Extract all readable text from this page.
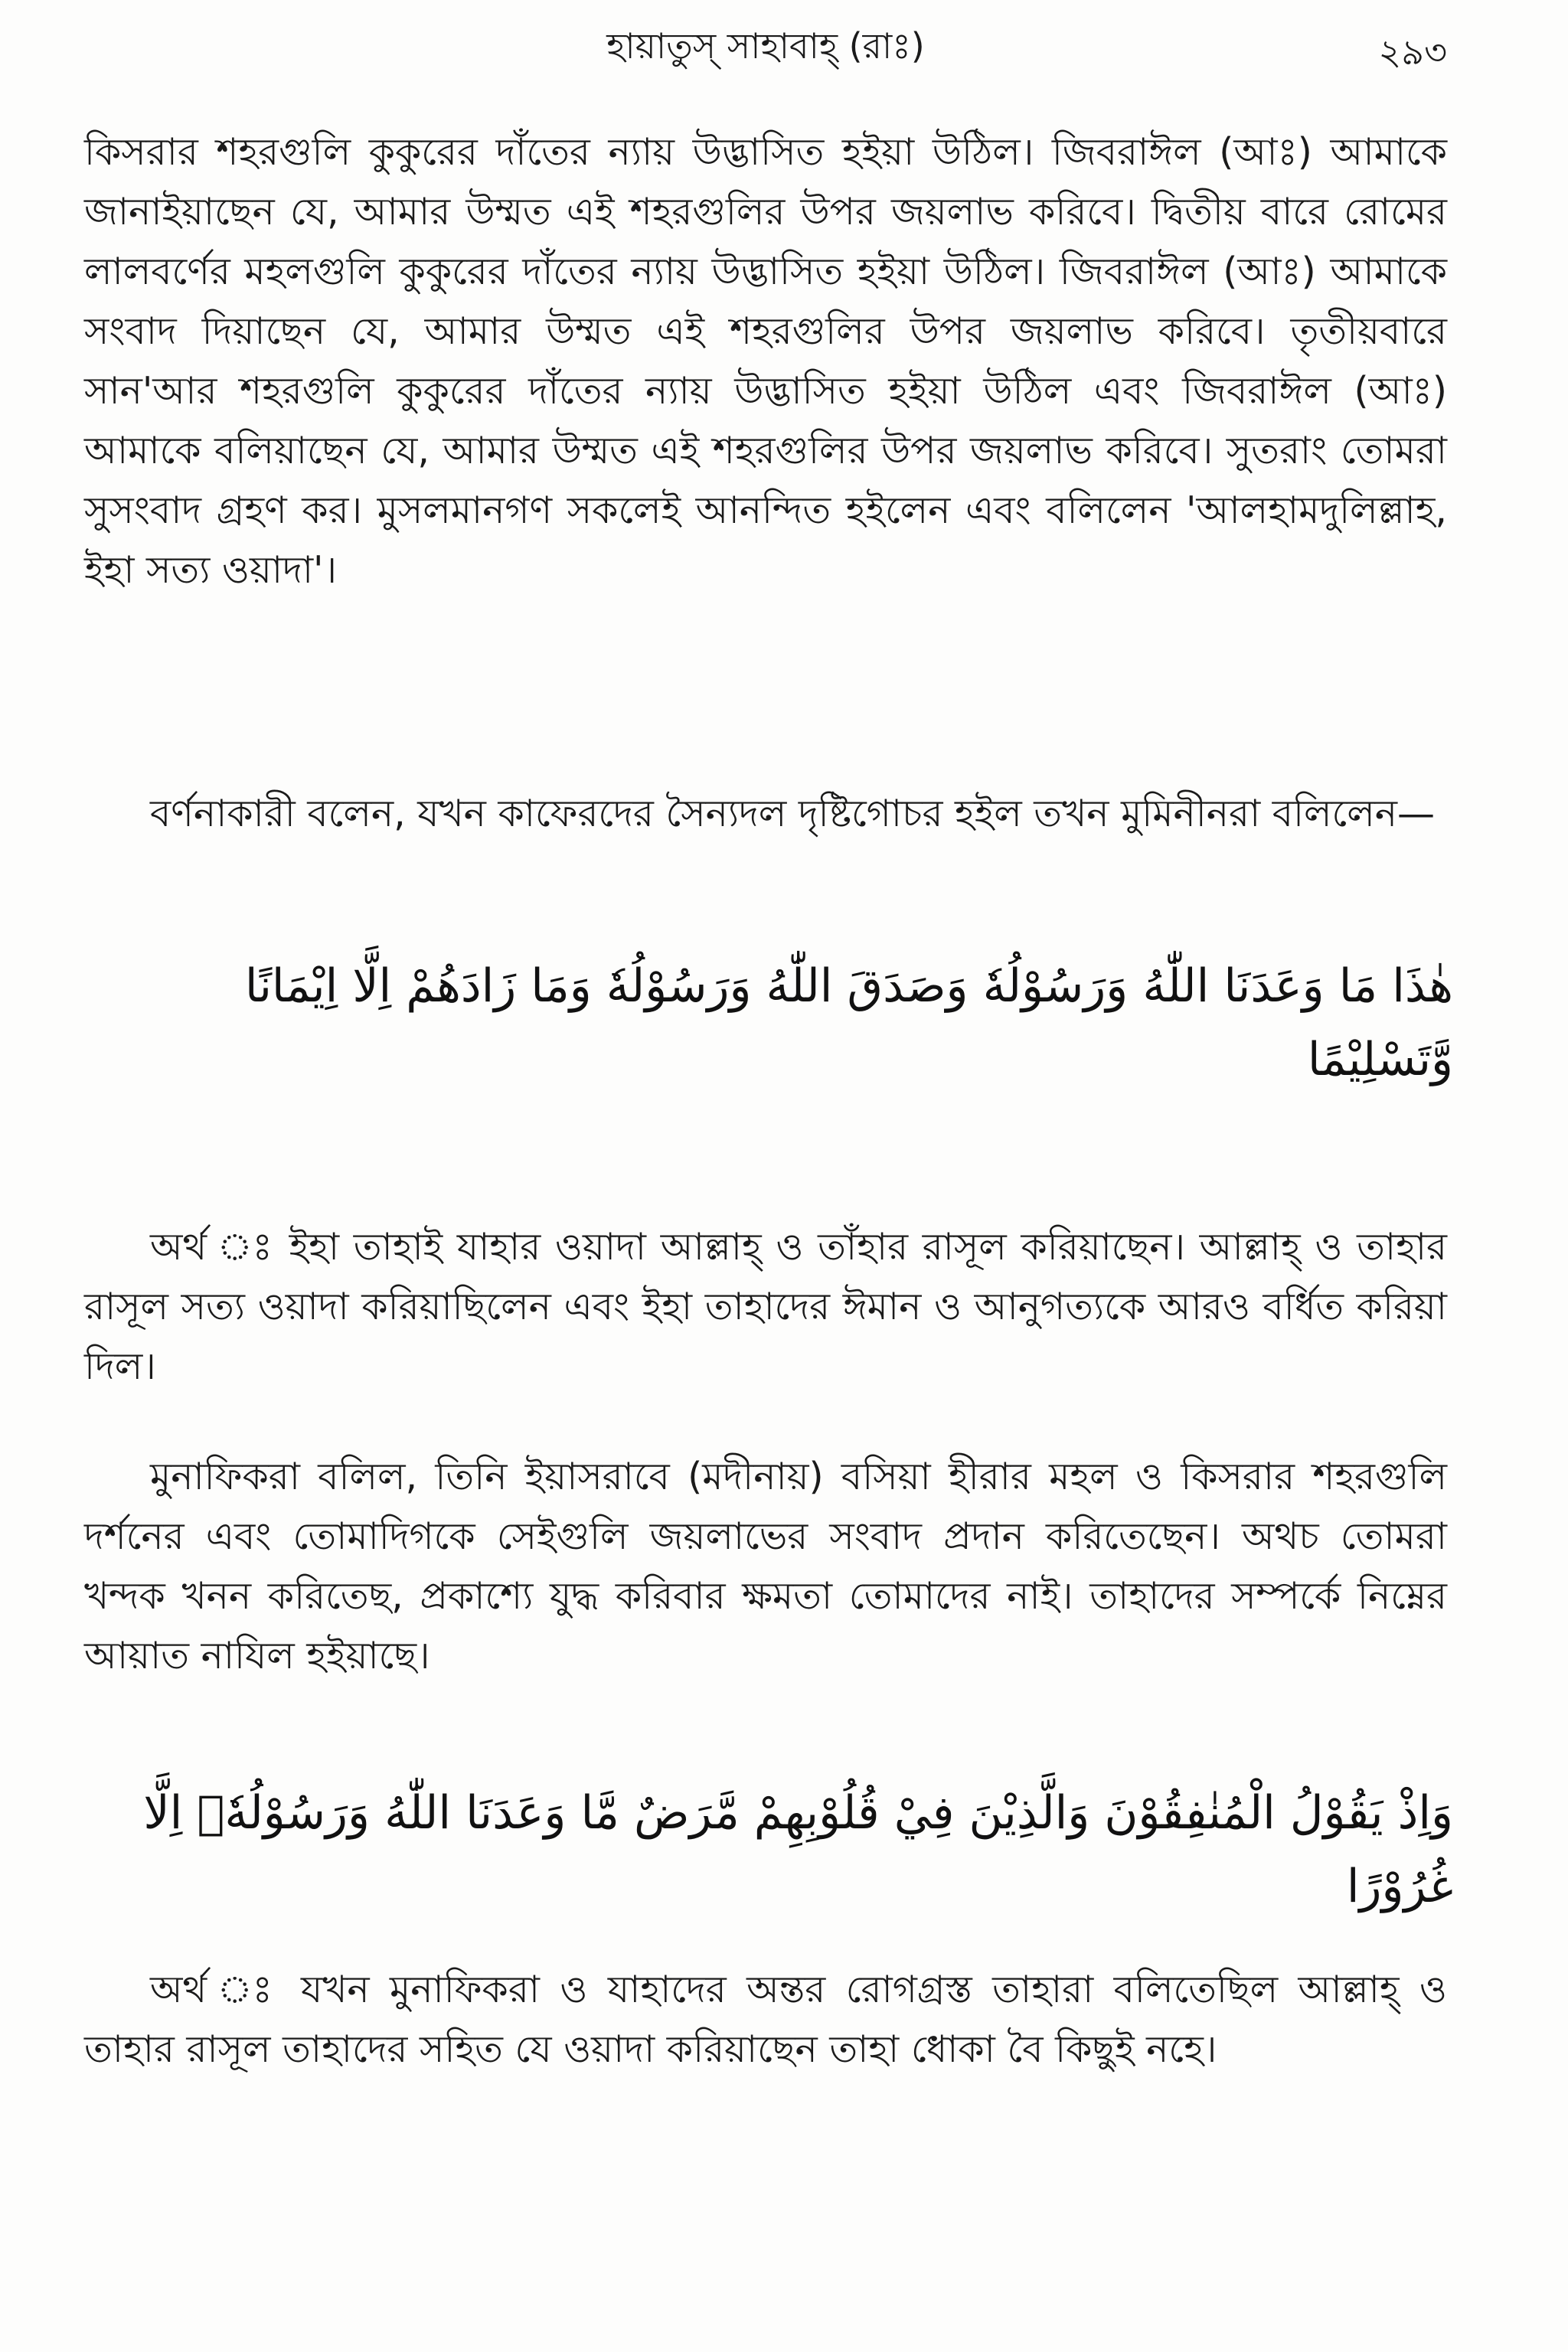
হায়াতুস্ সাহাবাহ্ (রাঃ)	২৯৩

কিসরার শহরগুলি কুকুরের দাঁতের ন্যায় উদ্ভাসিত হইয়া উঠিল। জিবরাঈল (আঃ) আমাকে জানাইয়াছেন যে, আমার উম্মত এই শহরগুলির উপর জয়লাভ করিবে। দ্বিতীয় বারে রোমের লালবর্ণের মহলগুলি কুকুরের দাঁতের ন্যায় উদ্ভাসিত হইয়া উঠিল। জিবরাঈল (আঃ) আমাকে সংবাদ দিয়াছেন যে, আমার উম্মত এই শহরগুলির উপর জয়লাভ করিবে। তৃতীয়বারে সান'আর শহরগুলি কুকুরের দাঁতের ন্যায় উদ্ভাসিত হইয়া উঠিল এবং জিবরাঈল (আঃ) আমাকে বলিয়াছেন যে, আমার উম্মত এই শহরগুলির উপর জয়লাভ করিবে। সুতরাং তোমরা সুসংবাদ গ্রহণ কর। মুসলমানগণ সকলেই আনন্দিত হইলেন এবং বলিলেন 'আলহামদুলিল্লাহ, ইহা সত্য ওয়াদা'।

বর্ণনাকারী বলেন, যখন কাফেরদের সৈন্যদল দৃষ্টিগোচর হইল তখন মুমিনীনরা বলিলেন—

هٰذَا مَا وَعَدَنَا اللّٰهُ وَرَسُوْلُهٗ وَصَدَقَ اللّٰهُ وَرَسُوْلُهٗ وَمَا زَادَهُمْ اِلَّا اِيْمَانًا وَّتَسْلِيْمًا

অর্থ ঃ ইহা তাহাই যাহার ওয়াদা আল্লাহ্ ও তাঁহার রাসূল করিয়াছেন। আল্লাহ্ ও তাহার রাসূল সত্য ওয়াদা করিয়াছিলেন এবং ইহা তাহাদের ঈমান ও আনুগত্যকে আরও বর্ধিত করিয়া দিল।

মুনাফিকরা বলিল, তিনি ইয়াসরাবে (মদীনায়) বসিয়া হীরার মহল ও কিসরার শহরগুলি দর্শনের এবং তোমাদিগকে সেইগুলি জয়লাভের সংবাদ প্রদান করিতেছেন। অথচ তোমরা খন্দক খনন করিতেছ, প্রকাশ্যে যুদ্ধ করিবার ক্ষমতা তোমাদের নাই। তাহাদের সম্পর্কে নিম্নের আয়াত নাযিল হইয়াছে।

وَاِذْ يَقُوْلُ الْمُنٰفِقُوْنَ وَالَّذِيْنَ فِيْ قُلُوْبِهِمْ مَّرَضٌ مَّا وَعَدَنَا اللّٰهُ وَرَسُوْلُهٗۤ اِلَّا غُرُوْرًا

অর্থ ঃ যখন মুনাফিকরা ও যাহাদের অন্তর রোগগ্রস্ত তাহারা বলিতেছিল আল্লাহ্ ও তাহার রাসূল তাহাদের সহিত যে ওয়াদা করিয়াছেন তাহা ধোকা বৈ কিছুই নহে।
